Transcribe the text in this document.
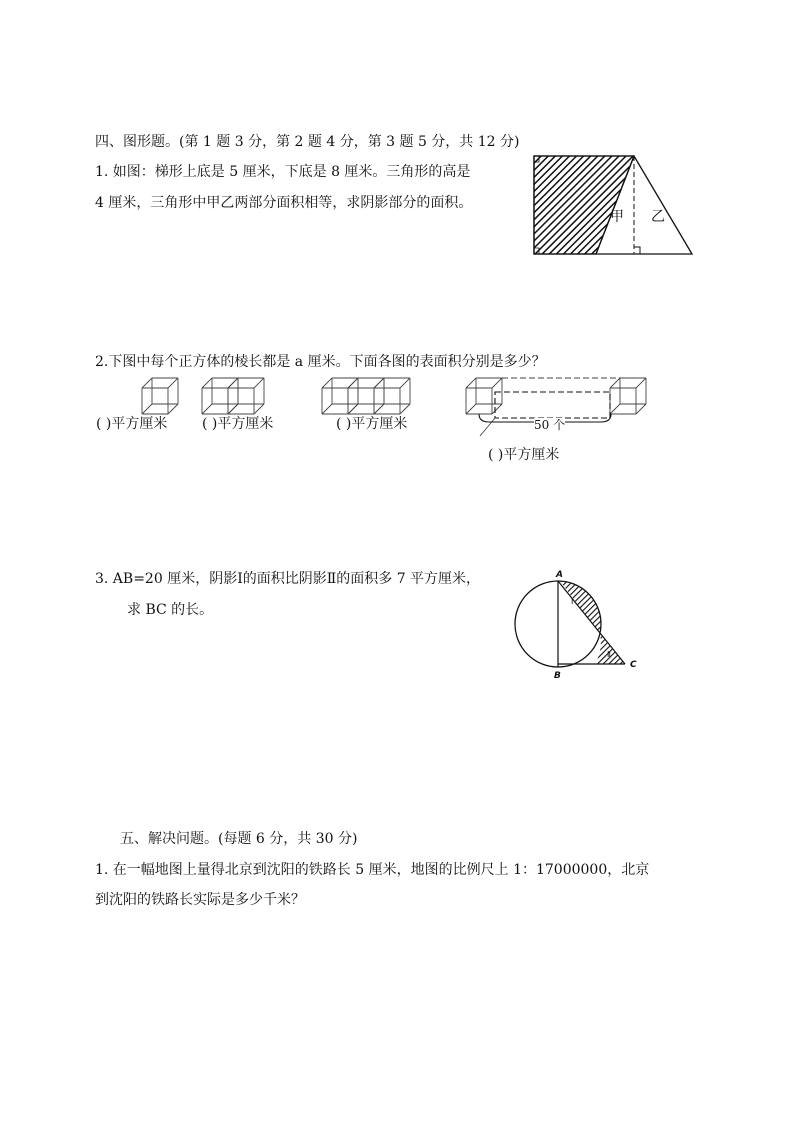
四、图形题。(第 1 题 3 分，第 2 题 4 分，第 3 题 5 分，共 12 分)
1. 如图：梯形上底是 5 厘米，下底是 8 厘米。三角形的高是
4 厘米，三角形中甲乙两部分面积相等，求阴影部分的面积。
甲 乙
2.下图中每个正方体的棱长都是 a 厘米。下面各图的表面积分别是多少？
50 个
( )平方厘米 ( )平方厘米	( )平方厘米
( )平方厘米
3. AB=20 厘米，阴影Ⅰ的面积比阴影Ⅱ的面积多 7 平方厘米，
求 BC 的长。
A
B
C
Ⅰ
Ⅱ
五、解决问题。(每题 6 分，共 30 分)
1. 在一幅地图上量得北京到沈阳的铁路长 5 厘米，地图的比例尺上 1：17000000，北京
到沈阳的铁路长实际是多少千米？
